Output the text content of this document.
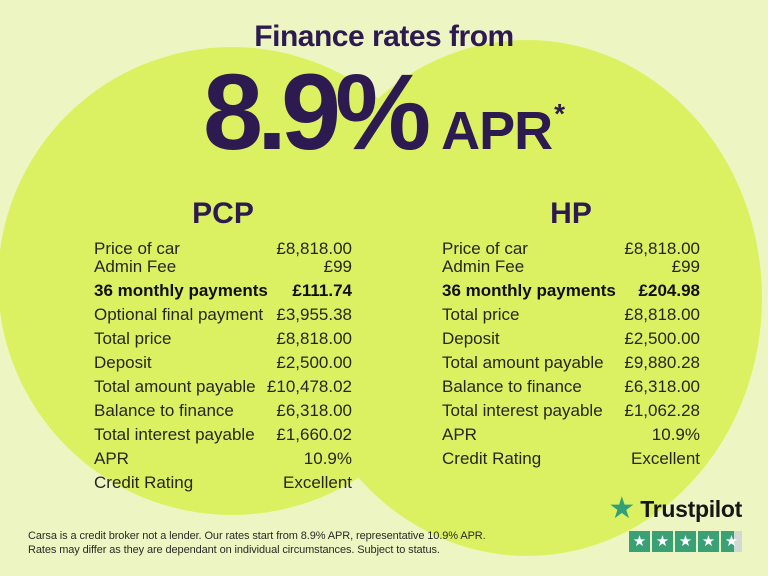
Finance rates from
8.9% APR*
PCP
Price of car	£8,818.00
Admin Fee	£99
36 monthly payments £111.74
Optional final payment £3,955.38
Total price	£8,818.00
Deposit	£2,500.00
Total amount payable £10,478.02
Balance to finance £6,318.00
Total interest payable £1,660.02
APR	10.9%
Credit Rating	Excellent
HP
Price of car	£8,818.00
Admin Fee	£99
36 monthly payments £204.98
Total price	£8,818.00
Deposit	£2,500.00
Total amount payable £9,880.28
Balance to finance £6,318.00
Total interest payable £1,062.28
APR	10.9%
Credit Rating	Excellent
Carsa is a credit broker not a lender. Our rates start from 8.9% APR, representative 10.9% APR.
Rates may differ as they are dependant on individual circumstances. Subject to status.
★
Trustpilot
★
★
★
★
★
